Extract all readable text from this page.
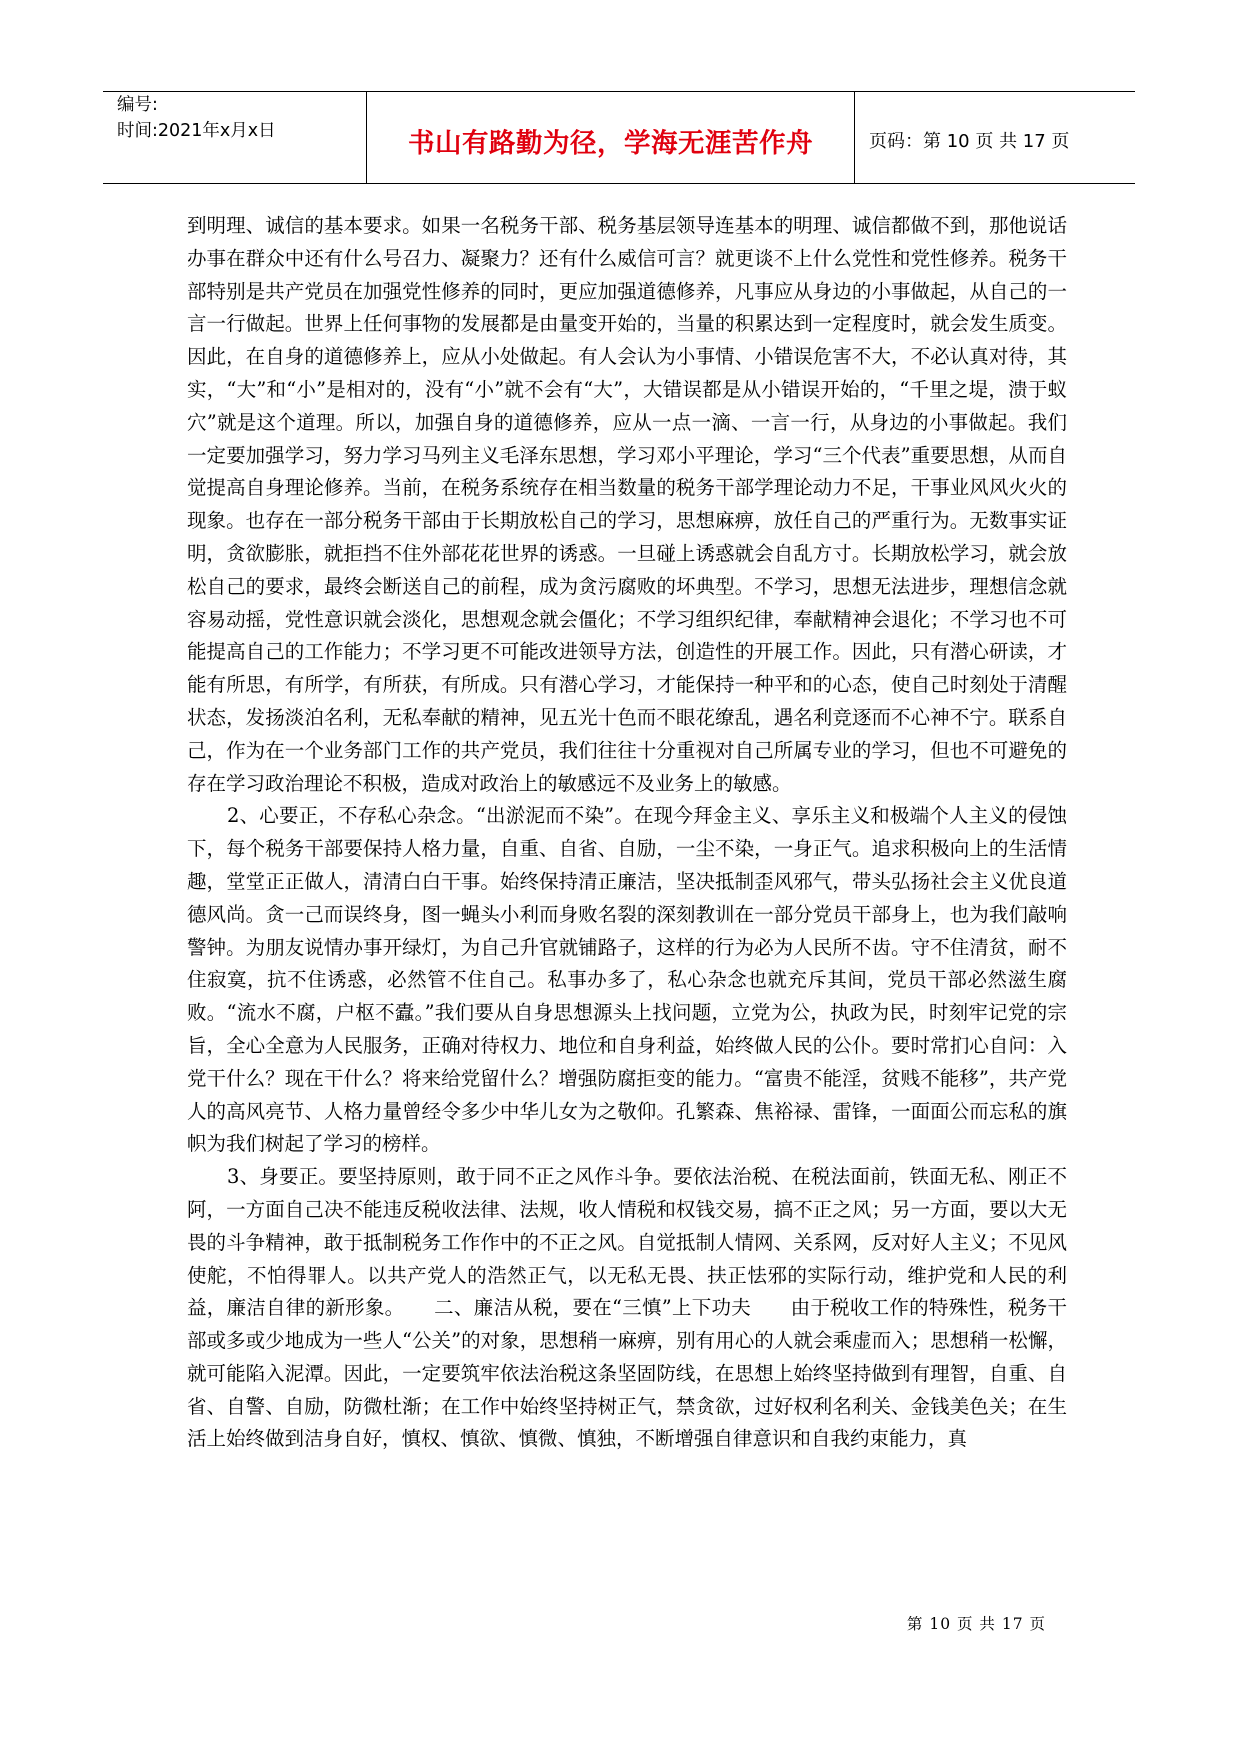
编号:
时间:2021年x月x日	书山有路勤为径，学海无涯苦作舟	页码：第 10 页 共 17 页

到明理、诚信的基本要求。如果一名税务干部、税务基层领导连基本的明理、诚信都做不到，那他说话办事在群众中还有什么号召力、凝聚力？还有什么威信可言？就更谈不上什么党性和党性修养。税务干部特别是共产党员在加强党性修养的同时，更应加强道德修养，凡事应从身边的小事做起，从自己的一言一行做起。世界上任何事物的发展都是由量变开始的，当量的积累达到一定程度时，就会发生质变。因此，在自身的道德修养上，应从小处做起。有人会认为小事情、小错误危害不大，不必认真对待，其实，“大”和“小”是相对的，没有“小”就不会有“大”，大错误都是从小错误开始的，“千里之堤，溃于蚁穴”就是这个道理。所以，加强自身的道德修养，应从一点一滴、一言一行，从身边的小事做起。我们一定要加强学习，努力学习马列主义毛泽东思想，学习邓小平理论，学习“三个代表”重要思想，从而自觉提高自身理论修养。当前，在税务系统存在相当数量的税务干部学理论动力不足，干事业风风火火的现象。也存在一部分税务干部由于长期放松自己的学习，思想麻痹，放任自己的严重行为。无数事实证明，贪欲膨胀，就拒挡不住外部花花世界的诱惑。一旦碰上诱惑就会自乱方寸。长期放松学习，就会放松自己的要求，最终会断送自己的前程，成为贪污腐败的坏典型。不学习，思想无法进步，理想信念就容易动摇，党性意识就会淡化，思想观念就会僵化；不学习组织纪律，奉献精神会退化；不学习也不可能提高自己的工作能力；不学习更不可能改进领导方法，创造性的开展工作。因此，只有潜心研读，才能有所思，有所学，有所获，有所成。只有潜心学习，才能保持一种平和的心态，使自己时刻处于清醒状态，发扬淡泊名利，无私奉献的精神，见五光十色而不眼花缭乱，遇名利竞逐而不心神不宁。联系自己，作为在一个业务部门工作的共产党员，我们往往十分重视对自己所属专业的学习，但也不可避免的存在学习政治理论不积极，造成对政治上的敏感远不及业务上的敏感。

2、心要正，不存私心杂念。“出淤泥而不染”。在现今拜金主义、享乐主义和极端个人主义的侵蚀下，每个税务干部要保持人格力量，自重、自省、自励，一尘不染，一身正气。追求积极向上的生活情趣，堂堂正正做人，清清白白干事。始终保持清正廉洁，坚决抵制歪风邪气，带头弘扬社会主义优良道德风尚。贪一己而误终身，图一蝇头小利而身败名裂的深刻教训在一部分党员干部身上，也为我们敲响警钟。为朋友说情办事开绿灯，为自己升官就铺路子，这样的行为必为人民所不齿。守不住清贫，耐不住寂寞，抗不住诱惑，必然管不住自己。私事办多了，私心杂念也就充斥其间，党员干部必然滋生腐败。“流水不腐，户枢不蠹。”我们要从自身思想源头上找问题，立党为公，执政为民，时刻牢记党的宗旨，全心全意为人民服务，正确对待权力、地位和自身利益，始终做人民的公仆。要时常扪心自问：入党干什么？现在干什么？将来给党留什么？增强防腐拒变的能力。“富贵不能淫，贫贱不能移”，共产党人的高风亮节、人格力量曾经令多少中华儿女为之敬仰。孔繁森、焦裕禄、雷锋，一面面公而忘私的旗帜为我们树起了学习的榜样。

3、身要正。要坚持原则，敢于同不正之风作斗争。要依法治税、在税法面前，铁面无私、刚正不阿，一方面自己决不能违反税收法律、法规，收人情税和权钱交易，搞不正之风；另一方面，要以大无畏的斗争精神，敢于抵制税务工作作中的不正之风。自觉抵制人情网、关系网，反对好人主义；不见风使舵，不怕得罪人。以共产党人的浩然正气，以无私无畏、扶正怯邪的实际行动，维护党和人民的利益，廉洁自律的新形象。　　二、廉洁从税，要在“三慎”上下功夫　　由于税收工作的特殊性，税务干部或多或少地成为一些人“公关”的对象，思想稍一麻痹，别有用心的人就会乘虚而入；思想稍一松懈，就可能陷入泥潭。因此，一定要筑牢依法治税这条坚固防线，在思想上始终坚持做到有理智，自重、自省、自警、自励，防微杜渐；在工作中始终坚持树正气，禁贪欲，过好权利名利关、金钱美色关；在生活上始终做到洁身自好，慎权、慎欲、慎微、慎独，不断增强自律意识和自我约束能力，真

第 10 页 共 17 页
